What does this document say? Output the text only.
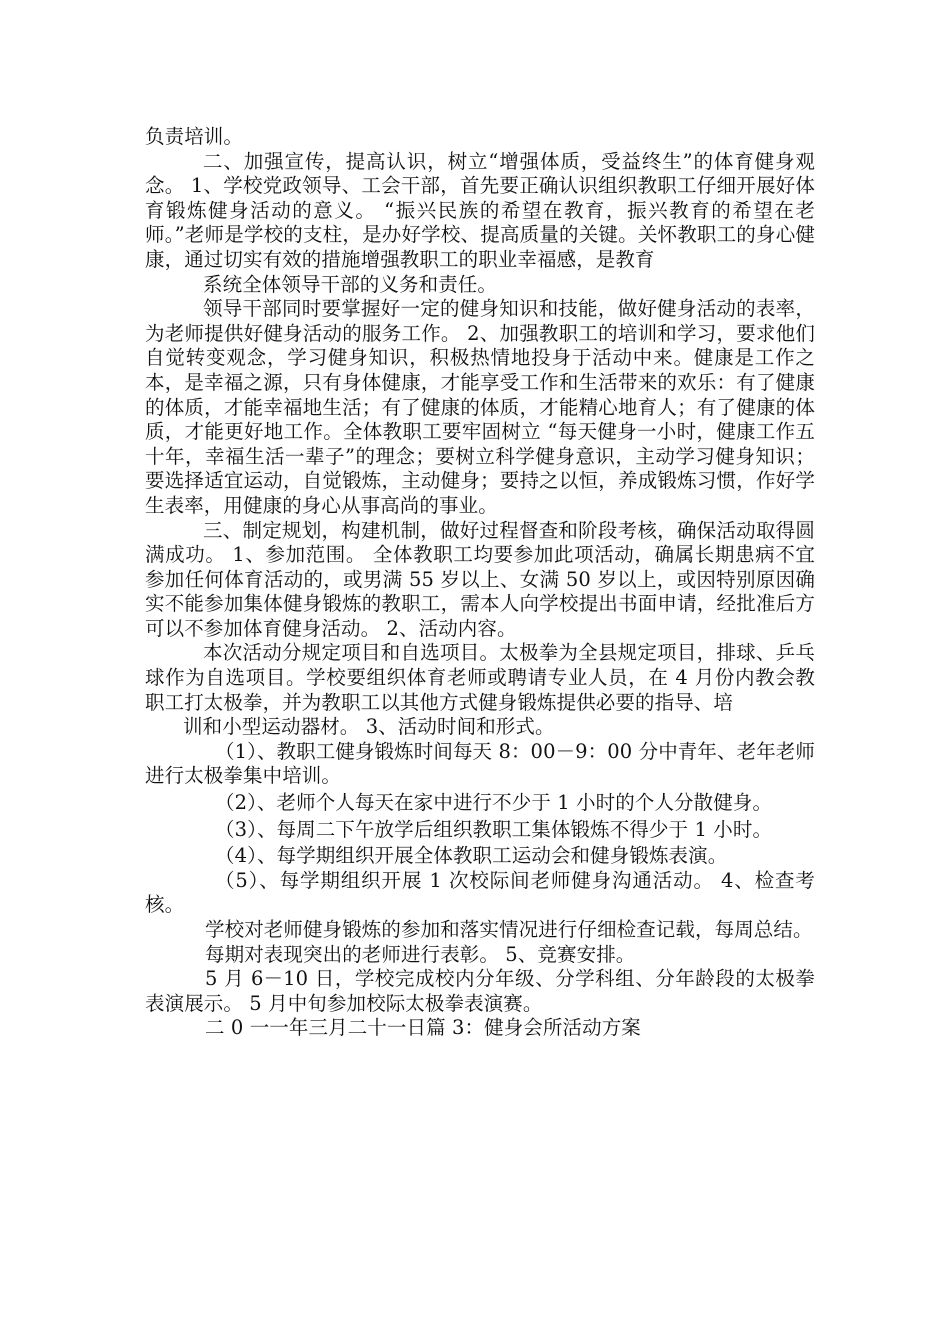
负责培训。

二、加强宣传，提高认识，树立“增强体质，受益终生”的体育健身观念。 1、学校党政领导、工会干部，首先要正确认识组织教职工仔细开展好体育锻炼健身活动的意义。 “振兴民族的希望在教育，振兴教育的希望在老师。”老师是学校的支柱，是办好学校、提高质量的关键。关怀教职工的身心健康，通过切实有效的措施增强教职工的职业幸福感，是教育

系统全体领导干部的义务和责任。

领导干部同时要掌握好一定的健身知识和技能，做好健身活动的表率，为老师提供好健身活动的服务工作。 2、加强教职工的培训和学习，要求他们自觉转变观念，学习健身知识，积极热情地投身于活动中来。健康是工作之本，是幸福之源，只有身体健康，才能享受工作和生活带来的欢乐：有了健康的体质，才能幸福地生活；有了健康的体质，才能精心地育人；有了健康的体质，才能更好地工作。全体教职工要牢固树立 “每天健身一小时，健康工作五十年，幸福生活一辈子”的理念；要树立科学健身意识，主动学习健身知识；要选择适宜运动，自觉锻炼，主动健身；要持之以恒，养成锻炼习惯，作好学生表率，用健康的身心从事高尚的事业。

三、制定规划，构建机制，做好过程督查和阶段考核，确保活动取得圆满成功。 1、参加范围。 全体教职工均要参加此项活动，确属长期患病不宜参加任何体育活动的，或男满 55 岁以上、女满 50 岁以上，或因特别原因确实不能参加集体健身锻炼的教职工，需本人向学校提出书面申请，经批准后方可以不参加体育健身活动。 2、活动内容。

本次活动分规定项目和自选项目。太极拳为全县规定项目，排球、乒乓球作为自选项目。学校要组织体育老师或聘请专业人员，在 4 月份内教会教职工打太极拳，并为教职工以其他方式健身锻炼提供必要的指导、培

训和小型运动器材。 3、活动时间和形式。

（1）、教职工健身锻炼时间每天 8：00－9：00 分中青年、老年老师进行太极拳集中培训。

（2）、老师个人每天在家中进行不少于 1 小时的个人分散健身。

（3）、每周二下午放学后组织教职工集体锻炼不得少于 1 小时。

（4）、每学期组织开展全体教职工运动会和健身锻炼表演。

（5）、每学期组织开展 1 次校际间老师健身沟通活动。 4、检查考核。

学校对老师健身锻炼的参加和落实情况进行仔细检查记载，每周总结。

每期对表现突出的老师进行表彰。 5、竞赛安排。

5 月 6－10 日，学校完成校内分年级、分学科组、分年龄段的太极拳表演展示。 5 月中旬参加校际太极拳表演赛。

二 0 一一年三月二十一日篇 3：健身会所活动方案
